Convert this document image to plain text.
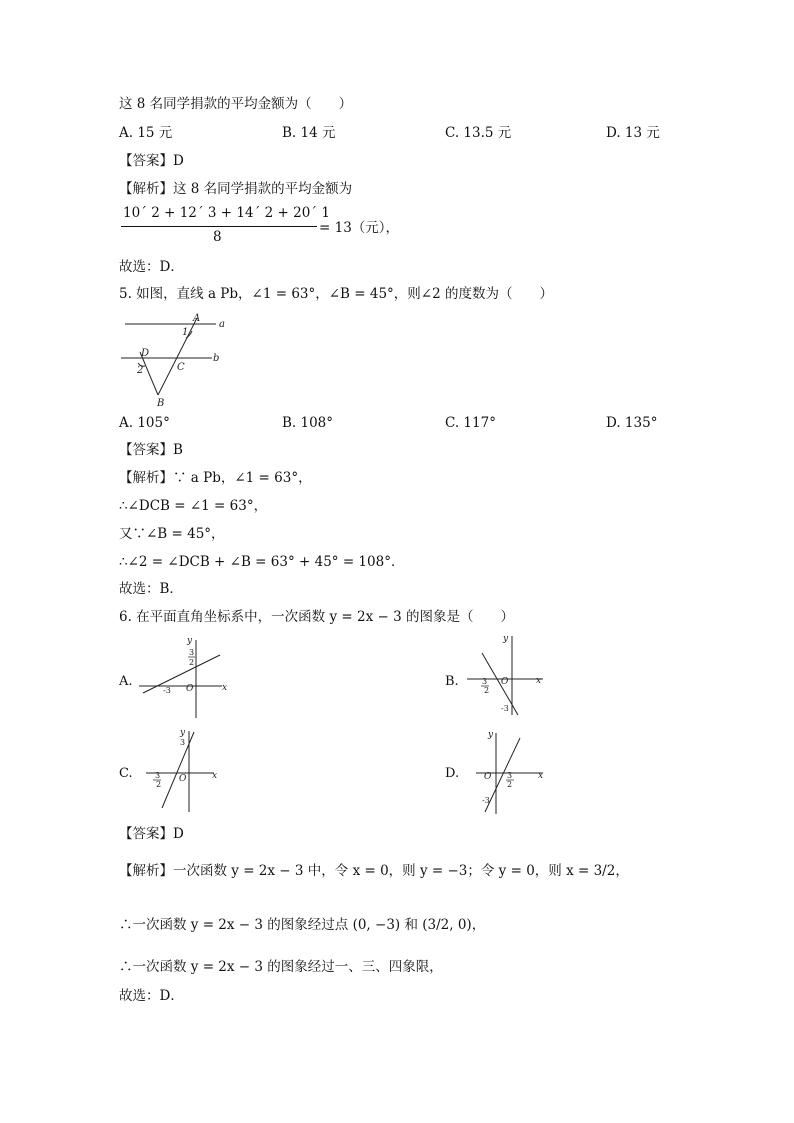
这 8 名同学捐款的平均金额为（　　）
A. 15 元	B. 14 元	C. 13.5 元	D. 13 元
【答案】D
【解析】这 8 名同学捐款的平均金额为
10´ 2 + 12´ 3 + 14´ 2 + 20´ 1
8
= 13（元），
故选：D．
5. 如图，直线 a Pb，∠1 = 63°，∠B = 45°，则∠2 的度数为（　　）
A
a
1
D	b
2	C
B
A. 105°	B. 108°	C. 117°	D. 135°
【答案】B
【解析】∵ a Pb，∠1 = 63°，
∴∠DCB = ∠1 = 63°，
又∵∠B = 45°，
∴∠2 = ∠DCB + ∠B = 63° + 45° = 108°．
故选：B．
6. 在平面直角坐标系中，一次函数 y = 2x − 3 的图象是（　　）
A.
y
x
O
3
2
-3
B.
y
x
O
3
2
-3
C.
y
x
O
3
3
2
D.
y
x
O 3
2
-3
【答案】D
【解析】一次函数 y = 2x − 3 中，令 x = 0，则 y = −3；令 y = 0，则 x = 3/2，
∴一次函数 y = 2x − 3 的图象经过点 (0, −3) 和 (3/2, 0)，
∴一次函数 y = 2x − 3 的图象经过一、三、四象限，
故选：D．
